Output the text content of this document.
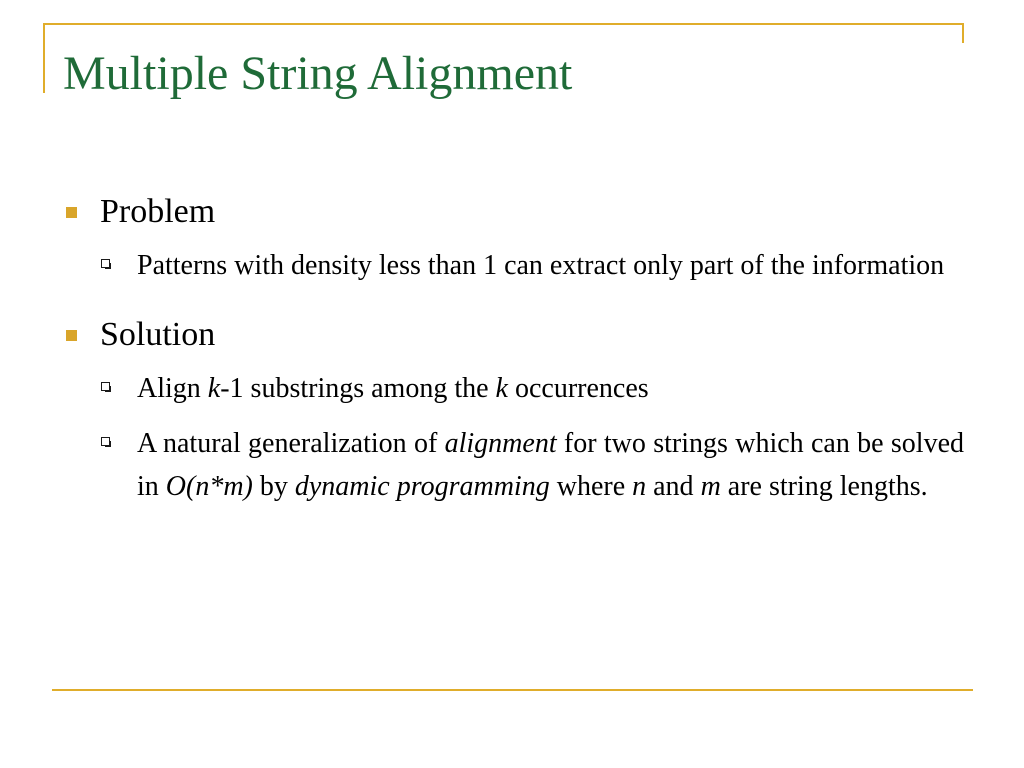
Multiple String Alignment
Problem
Patterns with density less than 1 can extract only part of the information
Solution
Align k-1 substrings among the k occurrences
A natural generalization of alignment for two strings which can be solved in O(n*m) by dynamic programming where n and m are string lengths.
